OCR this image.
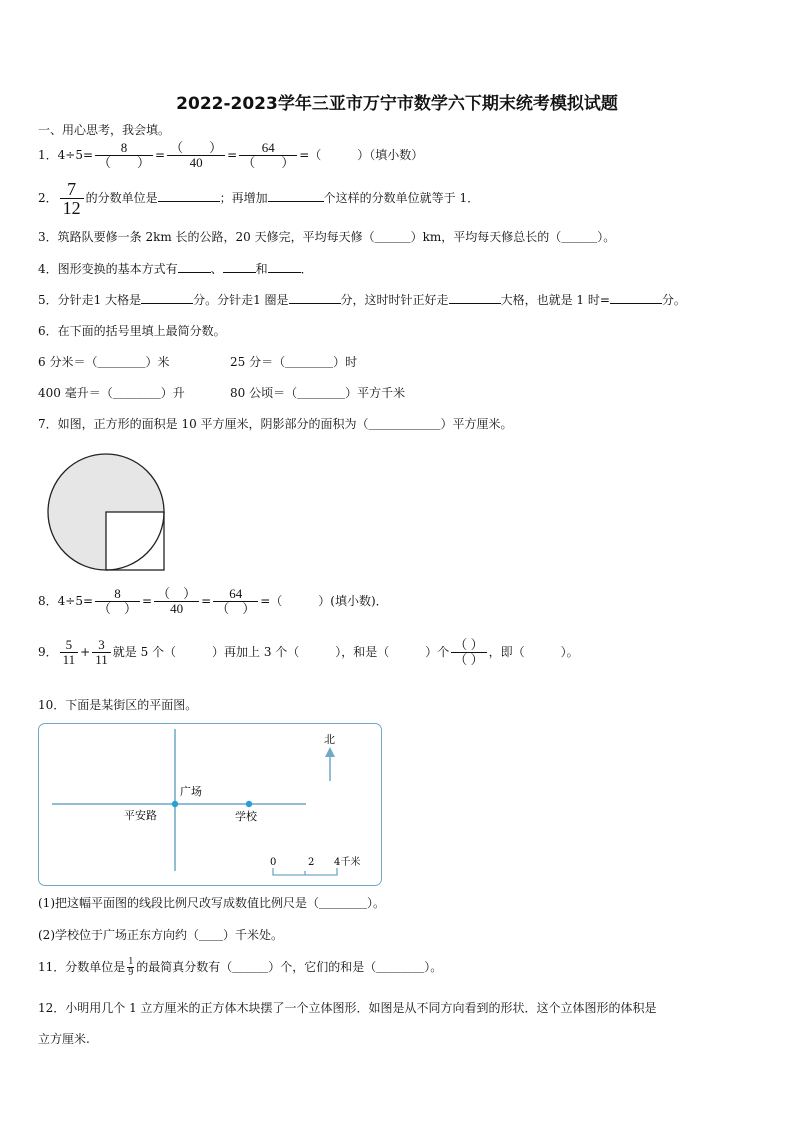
2022-2023学年三亚市万宁市数学六下期末统考模拟试题
一、用心思考，我会填。
1．$4\div 5= \frac{8}{( )} = \frac{( )}{40} = \frac{64}{( )}$ =（　　　）（填小数）
2． $\frac{7}{12}$ 的分数单位是	；再增加	个这样的分数单位就等于 1．
3．筑路队要修一条 2km 长的公路，20 天修完，平均每天修（＿＿＿）km，平均每天修总长的（＿＿＿）。
4．图形变换的基本方式有	、	和	．
5．分针走1 大格是	分。分针走1 圈是	分，这时时针正好走	大格，也就是 1 时=	分。
6．在下面的括号里填上最简分数。
6 分米＝（＿＿＿＿）米	25 分＝（＿＿＿＿）时
400 毫升＝（＿＿＿＿）升	80 公顷＝（＿＿＿＿）平方千米
7．如图，正方形的面积是 10 平方厘米，阴影部分的面积为（＿＿＿＿＿＿）平方厘米。
8．$4\div 5= \frac{8}{( )} = \frac{( )}{40} = \frac{64}{( )}$ =（　　　）(填小数)．
9． $\frac{5}{11} + \frac{3}{11}$ 就是 5 个（　　　）再加上 3 个（　　　），和是（　　　）个 $\frac{( )}{( )}$ ，即（　　　）。
10．下面是某街区的平面图。
广场
平安路	学校
北
0	2 4千米
(1)把这幅平面图的线段比例尺改写成数值比例尺是（＿＿＿＿）。
(2)学校位于广场正东方向约（＿＿）千米处。
11．分数单位是 $\frac{1}{9}$ 的最简真分数有（＿＿＿）个，它们的和是（＿＿＿＿）。
12．小明用几个 1 立方厘米的正方体木块摆了一个立体图形．如图是从不同方向看到的形状．这个立体图形的体积是
立方厘米.
